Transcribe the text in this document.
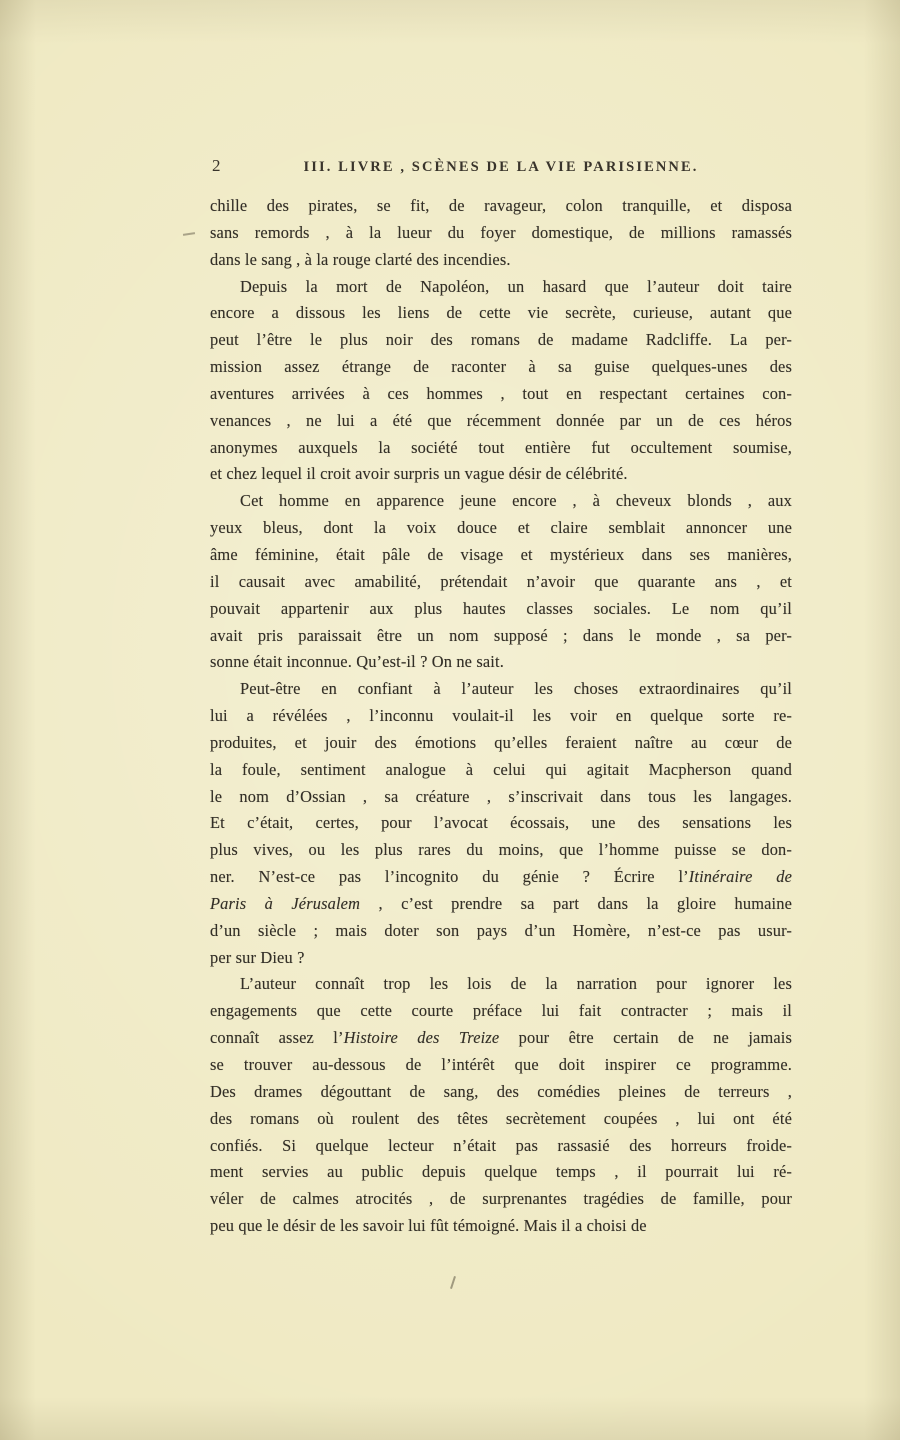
2	III. LIVRE , SCÈNES DE LA VIE PARISIENNE.
chille des pirates, se fit, de ravageur, colon tranquille, et disposa
sans remords , à la lueur du foyer domestique, de millions ramassés
dans le sang , à la rouge clarté des incendies.
Depuis la mort de Napoléon, un hasard que l’auteur doit taire
encore a dissous les liens de cette vie secrète, curieuse, autant que
peut l’être le plus noir des romans de madame Radcliffe. La per-
mission assez étrange de raconter à sa guise quelques-unes des
aventures arrivées à ces hommes , tout en respectant certaines con-
venances , ne lui a été que récemment donnée par un de ces héros
anonymes auxquels la société tout entière fut occultement soumise,
et chez lequel il croit avoir surpris un vague désir de célébrité.
Cet homme en apparence jeune encore , à cheveux blonds , aux
yeux bleus, dont la voix douce et claire semblait annoncer une
âme féminine, était pâle de visage et mystérieux dans ses manières,
il causait avec amabilité, prétendait n’avoir que quarante ans , et
pouvait appartenir aux plus hautes classes sociales. Le nom qu’il
avait pris paraissait être un nom supposé ; dans le monde , sa per-
sonne était inconnue. Qu’est-il ? On ne sait.
Peut-être en confiant à l’auteur les choses extraordinaires qu’il
lui a révélées , l’inconnu voulait-il les voir en quelque sorte re-
produites, et jouir des émotions qu’elles feraient naître au cœur de
la foule, sentiment analogue à celui qui agitait Macpherson quand
le nom d’Ossian , sa créature , s’inscrivait dans tous les langages.
Et c’était, certes, pour l’avocat écossais, une des sensations les
plus vives, ou les plus rares du moins, que l’homme puisse se don-
ner. N’est-ce pas l’incognito du génie ? Écrire l’Itinéraire de
Paris à Jérusalem , c’est prendre sa part dans la gloire humaine
d’un siècle ; mais doter son pays d’un Homère, n’est-ce pas usur-
per sur Dieu ?
L’auteur connaît trop les lois de la narration pour ignorer les
engagements que cette courte préface lui fait contracter ; mais il
connaît assez l’Histoire des Treize pour être certain de ne jamais
se trouver au-dessous de l’intérêt que doit inspirer ce programme.
Des drames dégouttant de sang, des comédies pleines de terreurs ,
des romans où roulent des têtes secrètement coupées , lui ont été
confiés. Si quelque lecteur n’était pas rassasié des horreurs froide-
ment servies au public depuis quelque temps , il pourrait lui ré-
véler de calmes atrocités , de surprenantes tragédies de famille, pour
peu que le désir de les savoir lui fût témoigné. Mais il a choisi de
